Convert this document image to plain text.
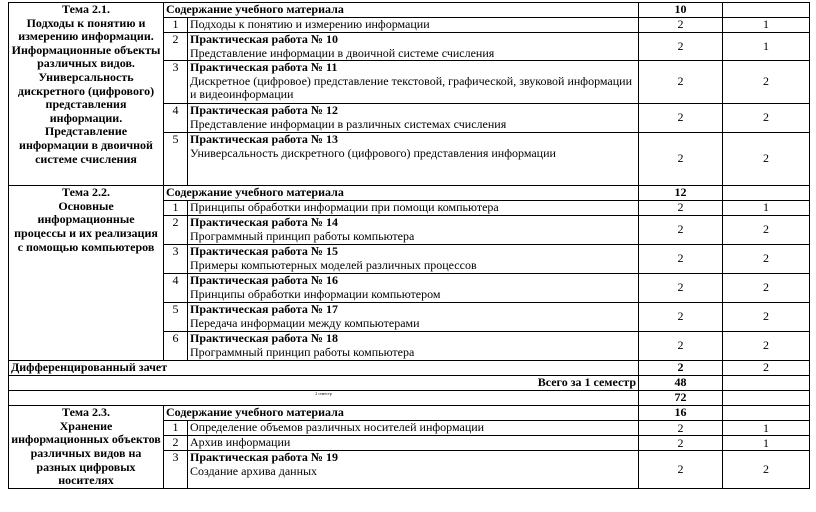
Тема 2.1.
Подходы к понятию и измерению информации. Информационные объекты различных видов. Универсальность дискретного (цифрового) представления информации. Представление информации в двоичной системе счисления	Содержание учебного материала		10	
	1	Подходы к понятию и измерению информации	2	1
	2	Практическая работа № 10
Представление информации в двоичной системе счисления	2	1
	3	Практическая работа № 11
Дискретное (цифровое) представление текстовой, графической, звуковой информации и видеоинформации	2	2
	4	Практическая работа № 12
Представление информации в различных системах счисления	2	2
	5	Практическая работа № 13
Универсальность дискретного (цифрового) представления информации	2	2

Тема 2.2.
Основные информационные процессы и их реализация с помощью компьютеров	Содержание учебного материала		12	
	1	Принципы обработки информации при помощи компьютера	2	1
	2	Практическая работа № 14
Программный принцип работы компьютера	2	2
	3	Практическая работа № 15
Примеры компьютерных моделей различных процессов	2	2
	4	Практическая работа № 16
Принципы обработки информации компьютером	2	2
	5	Практическая работа № 17
Передача информации между компьютерами	2	2
	6	Практическая работа № 18
Программный принцип работы компьютера	2	2
Дифференцированный зачет			2	2
Всего за 1 семестр			48	
2 семестр			72	

Тема 2.3.
Хранение информационных объектов различных видов на разных цифровых носителях	Содержание учебного материала		16	
	1	Определение объемов различных носителей информации	2	1
	2	Архив информации	2	1
	3	Практическая работа № 19
Создание архива данных	2	2
